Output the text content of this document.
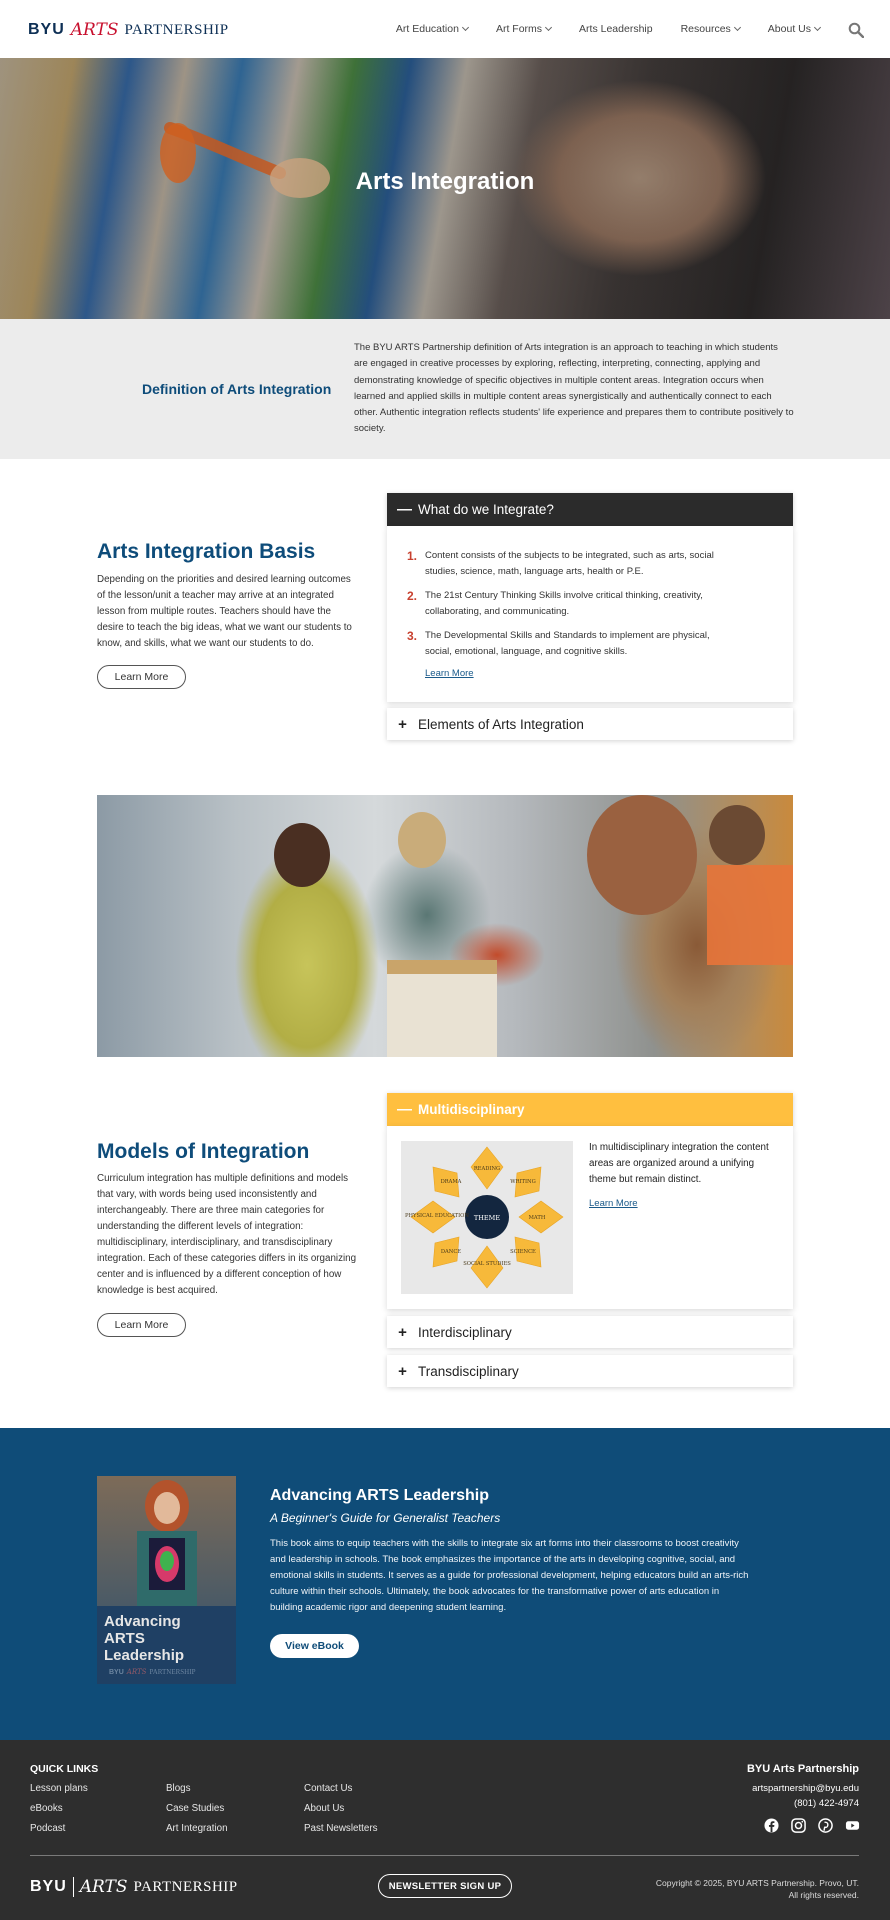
BYU ARTS PARTNERSHIP	Art Education	Art Forms	Arts Leadership	Resources	About Us
Arts Integration
Definition of Arts Integration
The BYU ARTS Partnership definition of Arts integration is an approach to teaching in which students are engaged in creative processes by exploring, reflecting, interpreting, connecting, applying and demonstrating knowledge of specific objectives in multiple content areas. Integration occurs when learned and applied skills in multiple content areas synergistically and authentically connect to each other. Authentic integration reflects students' life experience and prepares them to contribute positively to society.
Arts Integration Basis
Depending on the priorities and desired learning outcomes of the lesson/unit a teacher may arrive at an integrated lesson from multiple routes. Teachers should have the desire to teach the big ideas, what we want our students to know, and skills, what we want our students to do.
Learn More
— What do we Integrate?
1. Content consists of the subjects to be integrated, such as arts, social studies, science, math, language arts, health or P.E.
2. The 21st Century Thinking Skills involve critical thinking, creativity, collaborating, and communicating.
3. The Developmental Skills and Standards to implement are physical, social, emotional, language, and cognitive skills.
Learn More
+ Elements of Arts Integration
Models of Integration
Curriculum integration has multiple definitions and models that vary, with words being used inconsistently and interchangeably. There are three main categories for understanding the different levels of integration: multidisciplinary, interdisciplinary, and transdisciplinary integration. Each of these categories differs in its organizing center and is influenced by a different conception of how knowledge is best acquired.
Learn More
— Multidisciplinary
READING
WRITING
MATH
SCIENCE
SOCIAL STUDIES
DANCE
PHYSICAL EDUCATION
DRAMA
THEME
In multidisciplinary integration the content areas are organized around a unifying theme but remain distinct.
Learn More
+ Interdisciplinary
+ Transdisciplinary
Advancing
ARTS
Leadership
BYU ARTS PARTNERSHIP
Advancing ARTS Leadership
A Beginner's Guide for Generalist Teachers
This book aims to equip teachers with the skills to integrate six art forms into their classrooms to boost creativity and leadership in schools. The book emphasizes the importance of the arts in developing cognitive, social, and emotional skills in students. It serves as a guide for professional development, helping educators build an arts-rich culture within their schools. Ultimately, the book advocates for the transformative power of arts education in building academic rigor and deepening student learning.
View eBook
QUICK LINKS
Lesson plans
eBooks
Podcast
Blogs
Case Studies
Art Integration
Contact Us
About Us
Past Newsletters
BYU Arts Partnership
artspartnership@byu.edu
(801) 422-4974
BYU ARTS PARTNERSHIP	NEWSLETTER SIGN UP	Copyright © 2025, BYU ARTS Partnership. Provo, UT.
All rights reserved.
